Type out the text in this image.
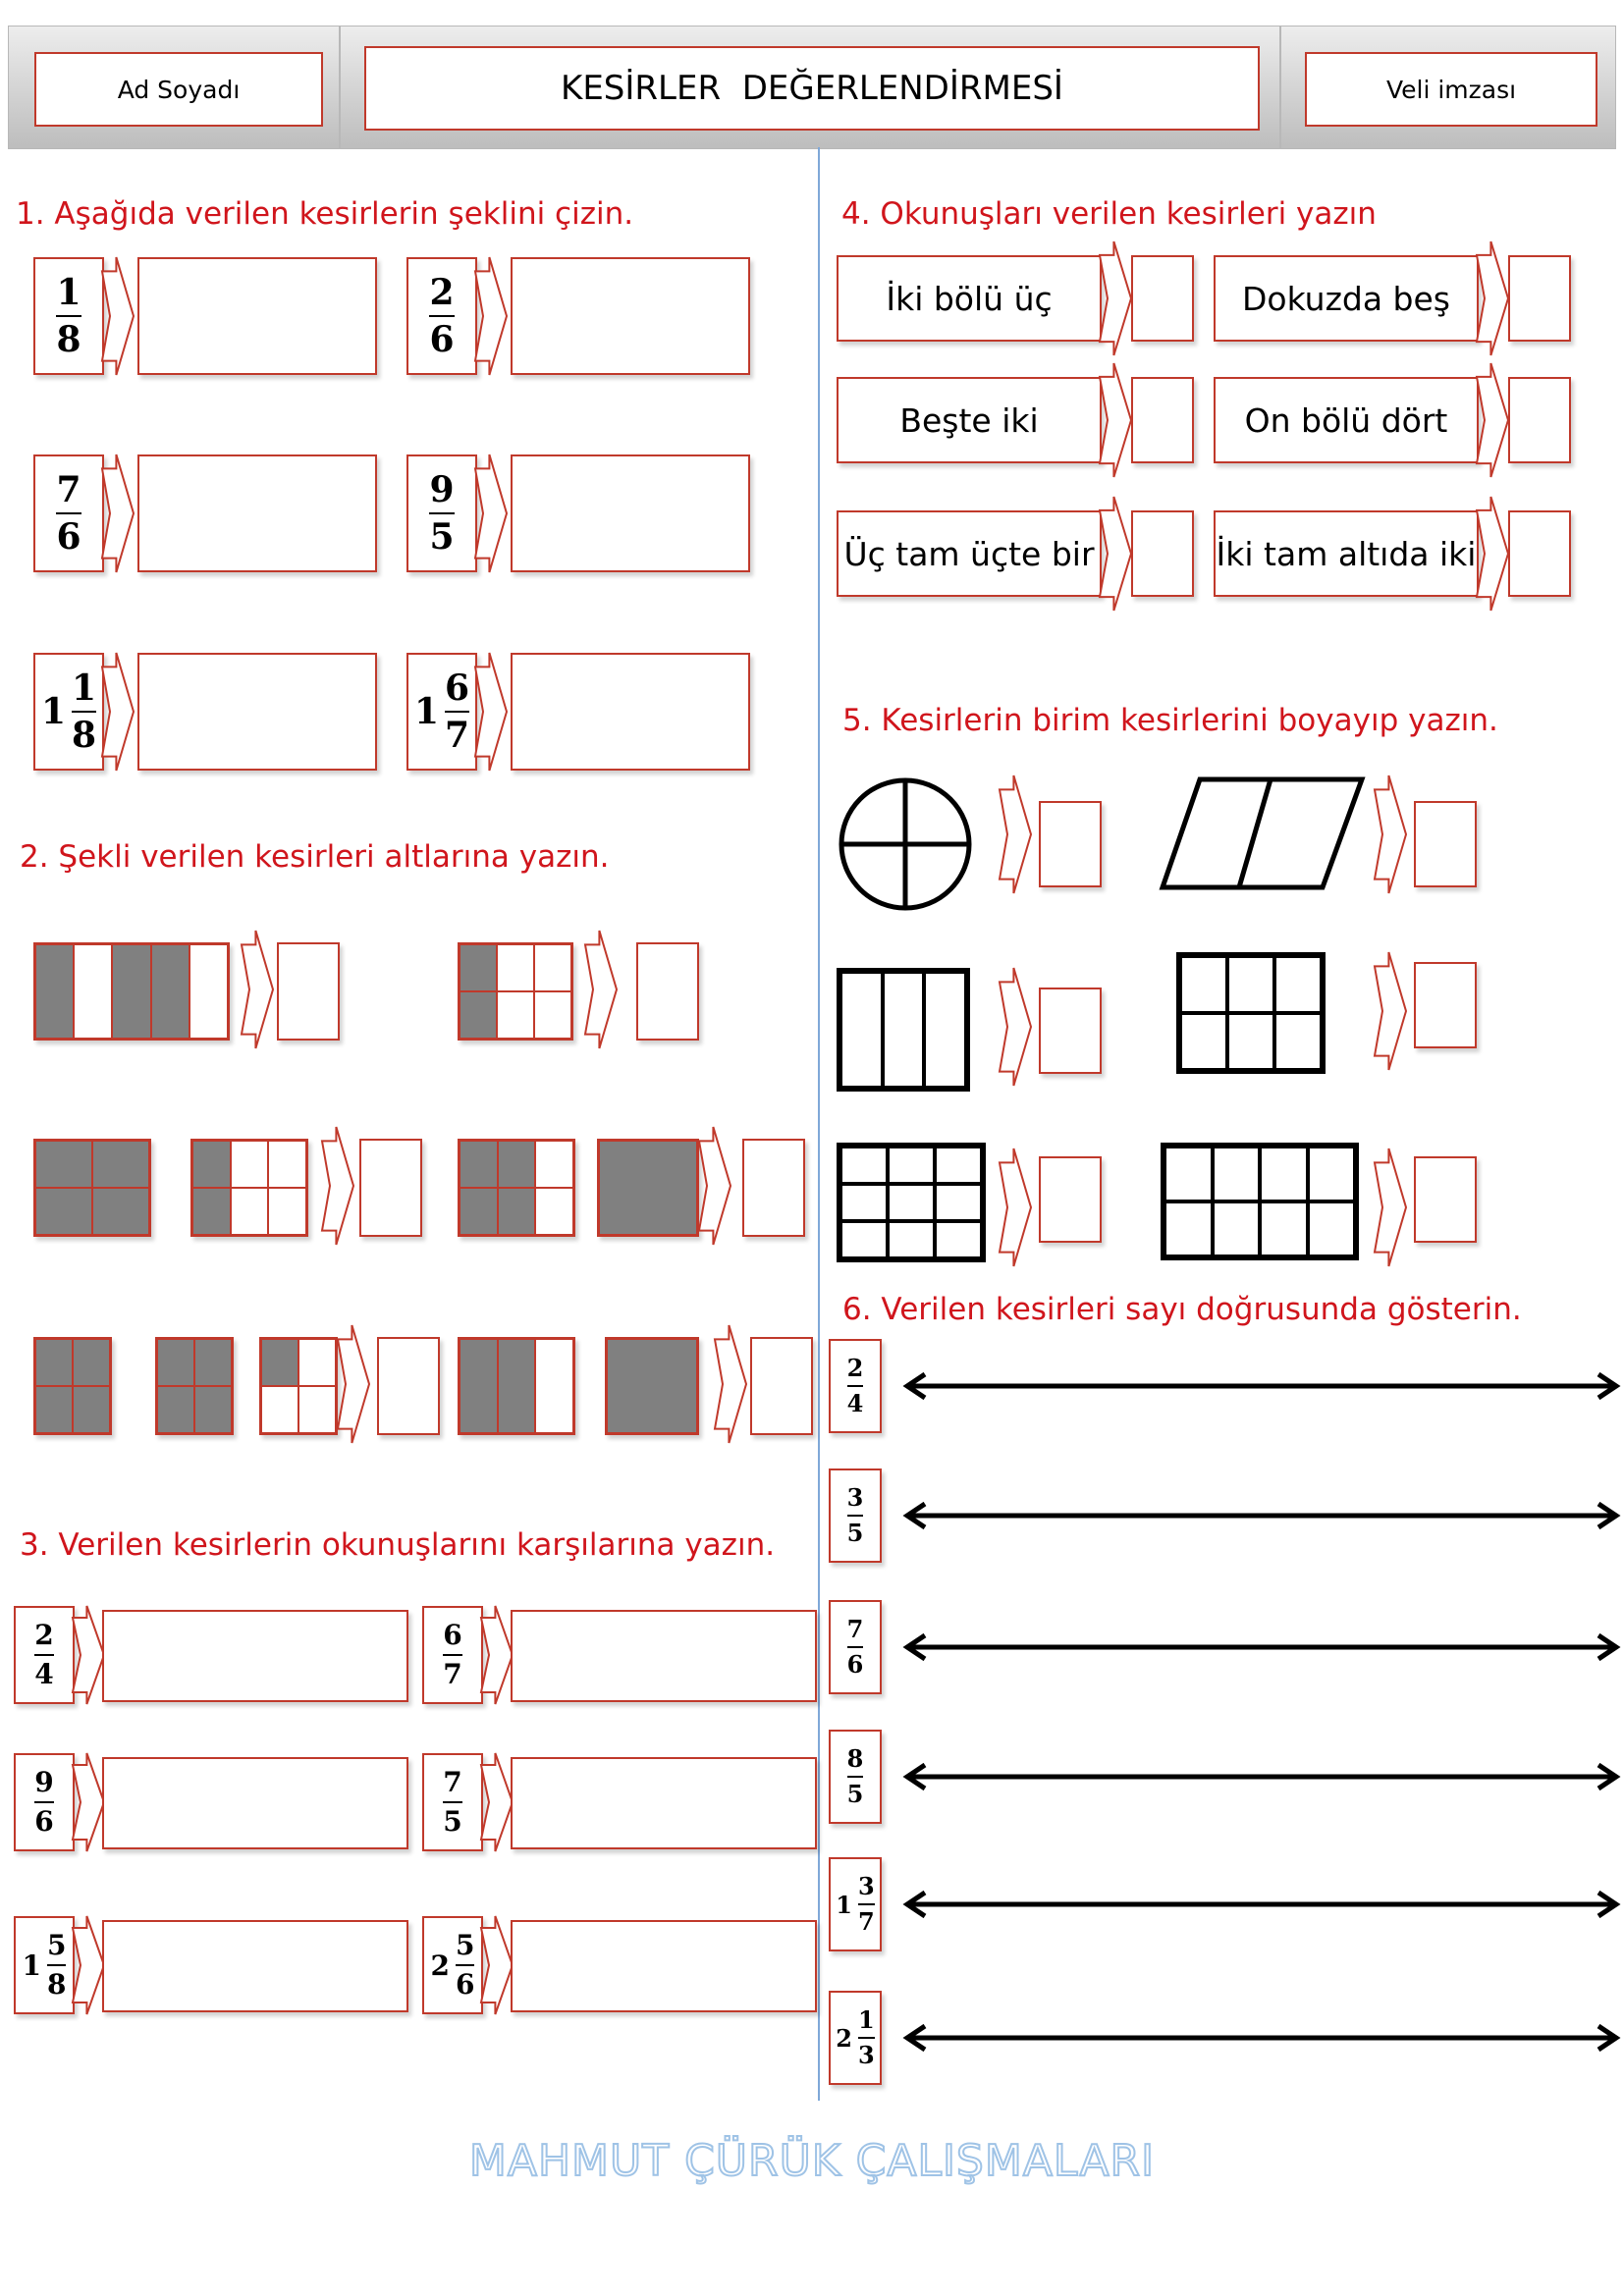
Ad Soyadı	KESİRLER  DEĞERLENDİRMESİ	Veli imzası
1. Aşağıda verilen kesirlerin şeklini çizin.
1
8
2
6
7
6
9
5
1
1
8
1
6
7
2. Şekli verilen kesirleri altlarına yazın.
3. Verilen kesirlerin okunuşlarını karşılarına yazın.
2
4
6
7
9
6
7
5
1
5
8
2
5
6
4. Okunuşları verilen kesirleri yazın
İki bölü üç	Dokuzda beş
Beşte iki	On bölü dört
Üç tam üçte bir	İki tam altıda iki
5. Kesirlerin birim kesirlerini boyayıp yazın.
6. Verilen kesirleri sayı doğrusunda gösterin.
2
4
3
5
7
6
8
5
1
3
7
2
1
3
MAHMUT ÇÜRÜK ÇALIŞMALARI
